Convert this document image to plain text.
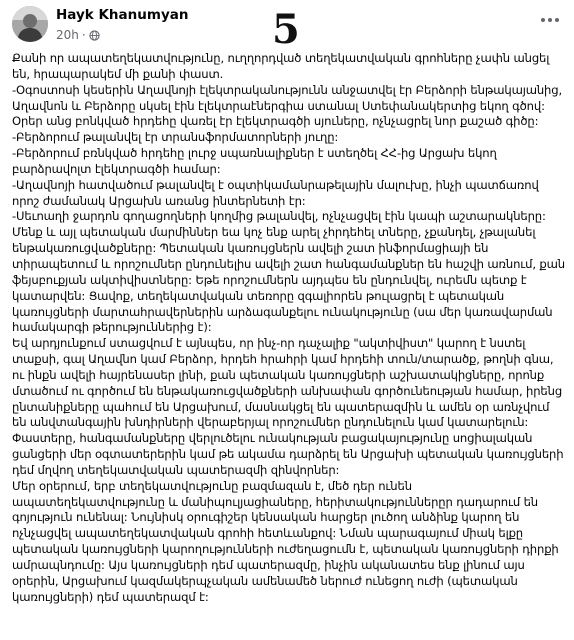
Hayk Khanumyan
20h ·	5

Քանի որ ապատեղեկատվությունը, ուղղորդված տեղեկատվական գրոհները չափն անցել են, հրապարակեմ մի քանի փաստ.

-Օգոստոսի կեսերին Աղավնոյի էլեկտրականությունն անջատվել էր Բերձորի ենթակայանից, Աղավնոն և Բերձորը սկսել էին էլեկտրաէներգիա ստանալ Ստեփանակերտից եկող գծով: Օրեր անց բոնկված հրդեհը վառել էր էլեկտրագծի սյուները, ոչնչացրել նոր քաշած գիծը:

-Բերձորում թալանվել էր տրանսֆորմատորների յուղը:

-Բերձորում բռնկված հրդեհը լուրջ սպառնալիքներ է ստեղծել ՀՀ-ից Արցախ եկող բարձրավոլտ էլեկտրագծի համար:

-Աղավնոյի հատվածում թալանվել է օպտիկամանրաթելային մալուխը, ինչի պատճառով որոշ ժամանակ Արցախն առանց ինտերնետի էր:

-Սեւոաղի ջարդոն գողացողների կողմից թալանվել, ոչնչացվել էին կապի աշտարակները: Մենք և այլ պետական մարմիններ եա կոչ ենք արել չհրդեհել տները, չքանդել, չթալանել ենթակառուցվածքները: Պետական կառույցներն ավելի շատ ինֆորմացիայի են տիրապետում և որոշումներ ընդունելիս ավելի շատ հանգամանքներ են հաշվի առնում, քան ֆեյսբուքյան ակտիվիստները: Եթե որոշումներն այդպես են ընդունվել, ուրեմն պետք է կատարվեն: Ցավոք, տեղեկատվական տեռորը զգալիորեն թուլացրել է պետական կառույցների մարտահրավերներին արձագանքելու ունակությունը (սա մեր կառավարման համակարգի թերություններից է):

Եվ արդյունքում ստացվում է այնպես, որ ինչ-որ դաչալիք "ակտիվիստ" կարող է նստել տաքսի, գալ Աղավնո կամ Բերձոր, հրդեհ հրահրի կամ հրդեհի տուն/տարածք, թողնի գնա, ու ինքն ավելի հայրենասեր լինի, քան պետական կառույցների աշխատակիցները, որոնք մտածում ու գործում են ենթակառուցվածքների անխափան գործունեության համար, իրենց ընտանիքները պահում են Արցախում, մասնակցել են պատերազմին և ամեն օր առնչվում են անվտանգային խնդիրների վերաբերյալ որոշումներ ընդունելուն կամ կատարելուն:

Փաստերը, հանգամանքները վերլուծելու ունակության բացակայությունը սոցիալական ցանցերի մեր օգտատերերին կամ թե ակամա դարձրել են Արցախի պետական կառույցների դեմ մղվող տեղեկատվական պատերազմի զինվորներ:

Մեր օրերում, երբ տեղեկատվությունը բազմազան է, մեծ դեր ունեն ապատեղեկատվությունը և մանիպուլյացիաները, հերիտակություններըր դադարում են գոյություն ունենալ: Նույնիսկ օրուգիշեր կենսական հարցեր լուծող անձինք կարող են ոչնչացվել ապատեղեկատվական գրոհի հետևանքով: Նման պարագայում միակ ելքը պետական կառույցների կարողությունների ուժեղացումն է, պետական կառույցների դիրքի ամրապնդումը: Այս կառույցների դեմ պատերազմը, ինչին ականատես ենք լինում այս օրերին, Արցախում կազմակերպչական ամենամեծ ներուժ ունեցող ուժի (պետական կառույցների) դեմ պատերազմ է:
